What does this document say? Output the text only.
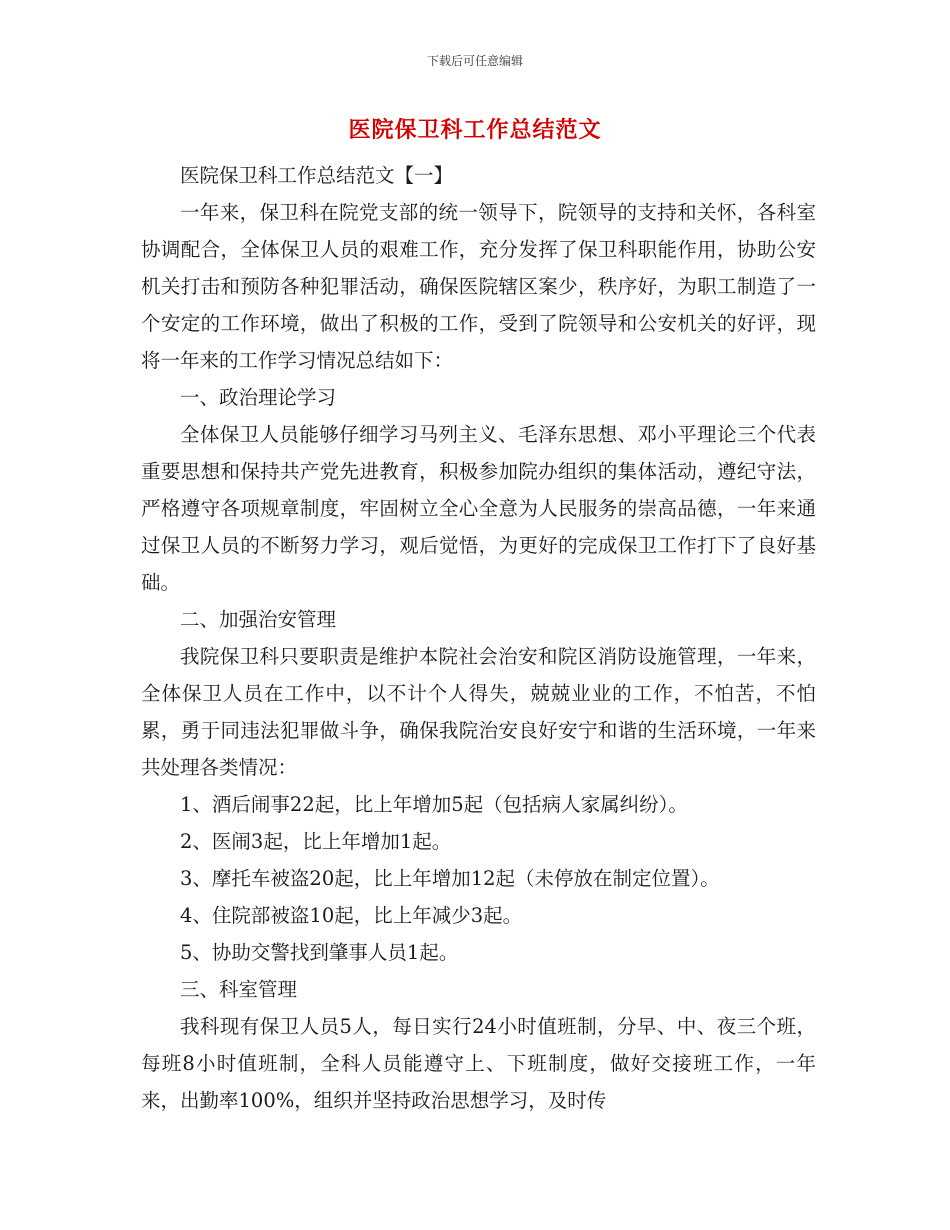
下载后可任意编辑
医院保卫科工作总结范文

医院保卫科工作总结范文【一】

一年来，保卫科在院党支部的统一领导下，院领导的支持和关怀，各科室协调配合，全体保卫人员的艰难工作，充分发挥了保卫科职能作用，协助公安机关打击和预防各种犯罪活动，确保医院辖区案少，秩序好，为职工制造了一个安定的工作环境，做出了积极的工作，受到了院领导和公安机关的好评，现将一年来的工作学习情况总结如下：

一、政治理论学习

全体保卫人员能够仔细学习马列主义、毛泽东思想、邓小平理论三个代表重要思想和保持共产党先进教育，积极参加院办组织的集体活动，遵纪守法，严格遵守各项规章制度，牢固树立全心全意为人民服务的崇高品德，一年来通过保卫人员的不断努力学习，观后觉悟，为更好的完成保卫工作打下了良好基础。

二、加强治安管理

我院保卫科只要职责是维护本院社会治安和院区消防设施管理，一年来，全体保卫人员在工作中，以不计个人得失，兢兢业业的工作，不怕苦，不怕累，勇于同违法犯罪做斗争，确保我院治安良好安宁和谐的生活环境，一年来共处理各类情况：

1、酒后闹事22起，比上年增加5起（包括病人家属纠纷）。

2、医闹3起，比上年增加1起。

3、摩托车被盗20起，比上年增加12起（未停放在制定位置）。

4、住院部被盗10起，比上年减少3起。

5、协助交警找到肇事人员1起。

三、科室管理

我科现有保卫人员5人，每日实行24小时值班制，分早、中、夜三个班，每班8小时值班制，全科人员能遵守上、下班制度，做好交接班工作，一年来，出勤率100%，组织并坚持政治思想学习，及时传
